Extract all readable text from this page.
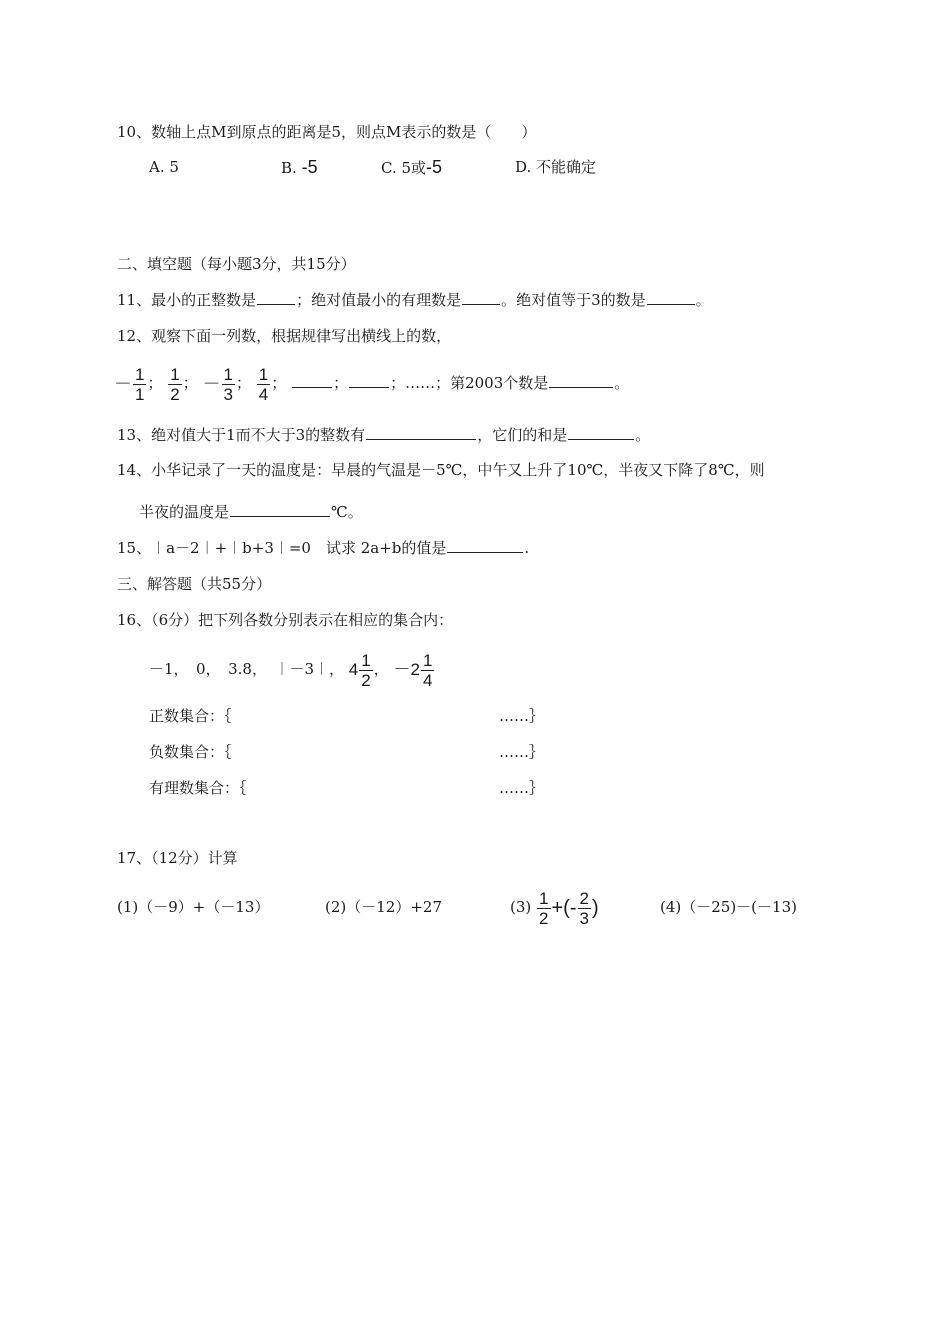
10、数轴上点M到原点的距离是5，则点M表示的数是（　　）
A. 5	B. -5	C. 5或-5	D. 不能确定
二、填空题（每小题3分，共15分）
11、最小的正整数是	；绝对值最小的有理数是	。绝对值等于3的数是	。
12、观察下面一列数，根据规律写出横线上的数，
－ $\frac{1}{1}$ ； $\frac{1}{2}$ ； － $\frac{1}{3}$ ； $\frac{1}{4}$ ；	；	；……；第2003个数是	。
13、绝对值大于1而不大于3的整数有	，它们的和是	。
14、小华记录了一天的温度是：早晨的气温是－5℃，中午又上升了10℃，半夜又下降了8℃，则
半夜的温度是	℃。
15、︱a－2︱+︱b+3︱=0　试求 2a+b的值是	.
三、解答题（共55分）
16、（6分）把下列各数分别表示在相应的集合内：
－1，　0，　3.8，　︱－3︱， $4 \frac{1}{2}$ ， $-2 \frac{1}{4}$
正数集合：｛	……｝
负数集合：｛	……｝
有理数集合：｛	……｝
17、（12分）计算
(1)（－9）+（－13）	(2)（－12）+27	$(3) \frac{1}{2}$ +(- $\frac{2}{3}$ )	(4)（－25)－(－13)
